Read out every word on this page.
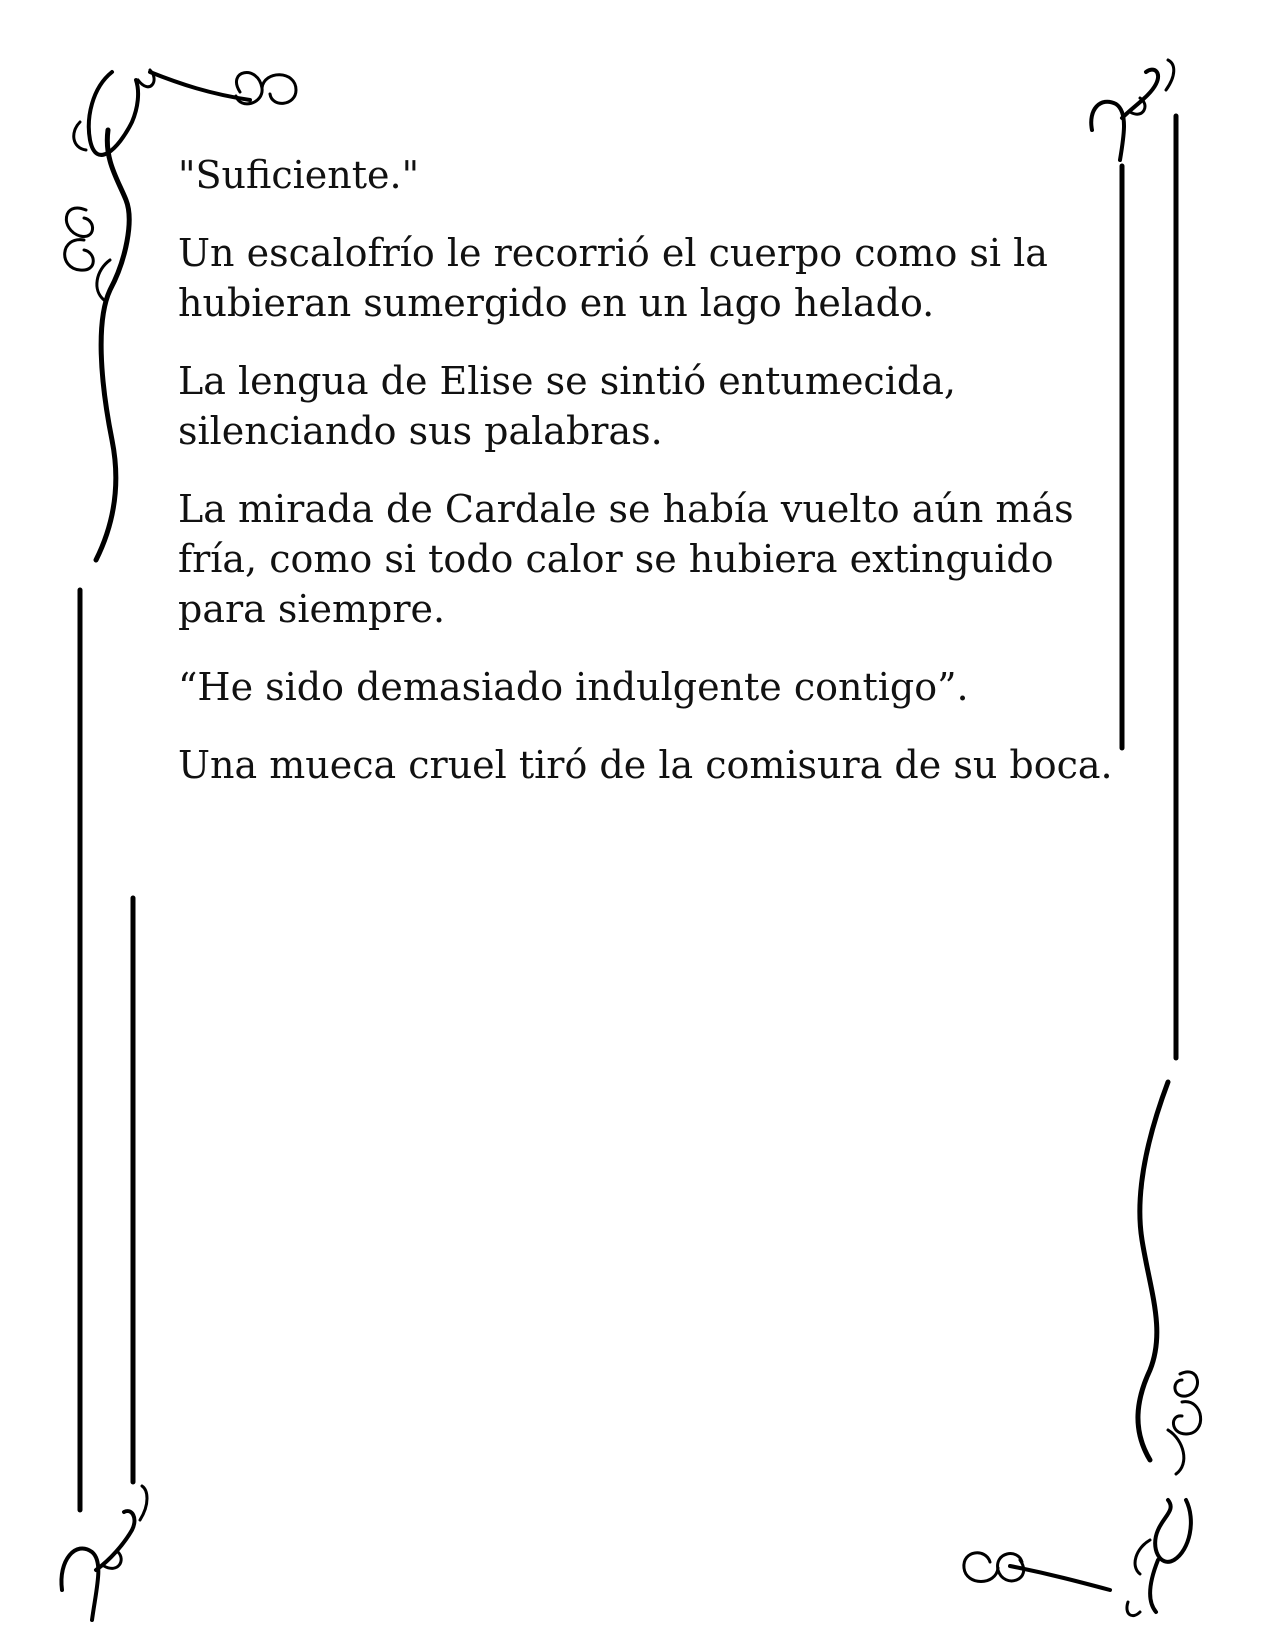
"Suficiente."

Un escalofrío le recorrió el cuerpo como si la
hubieran sumergido en un lago helado.

La lengua de Elise se sintió entumecida,
silenciando sus palabras.

La mirada de Cardale se había vuelto aún más
fría, como si todo calor se hubiera extinguido
para siempre.

“He sido demasiado indulgente contigo”.

Una mueca cruel tiró de la comisura de su boca.
